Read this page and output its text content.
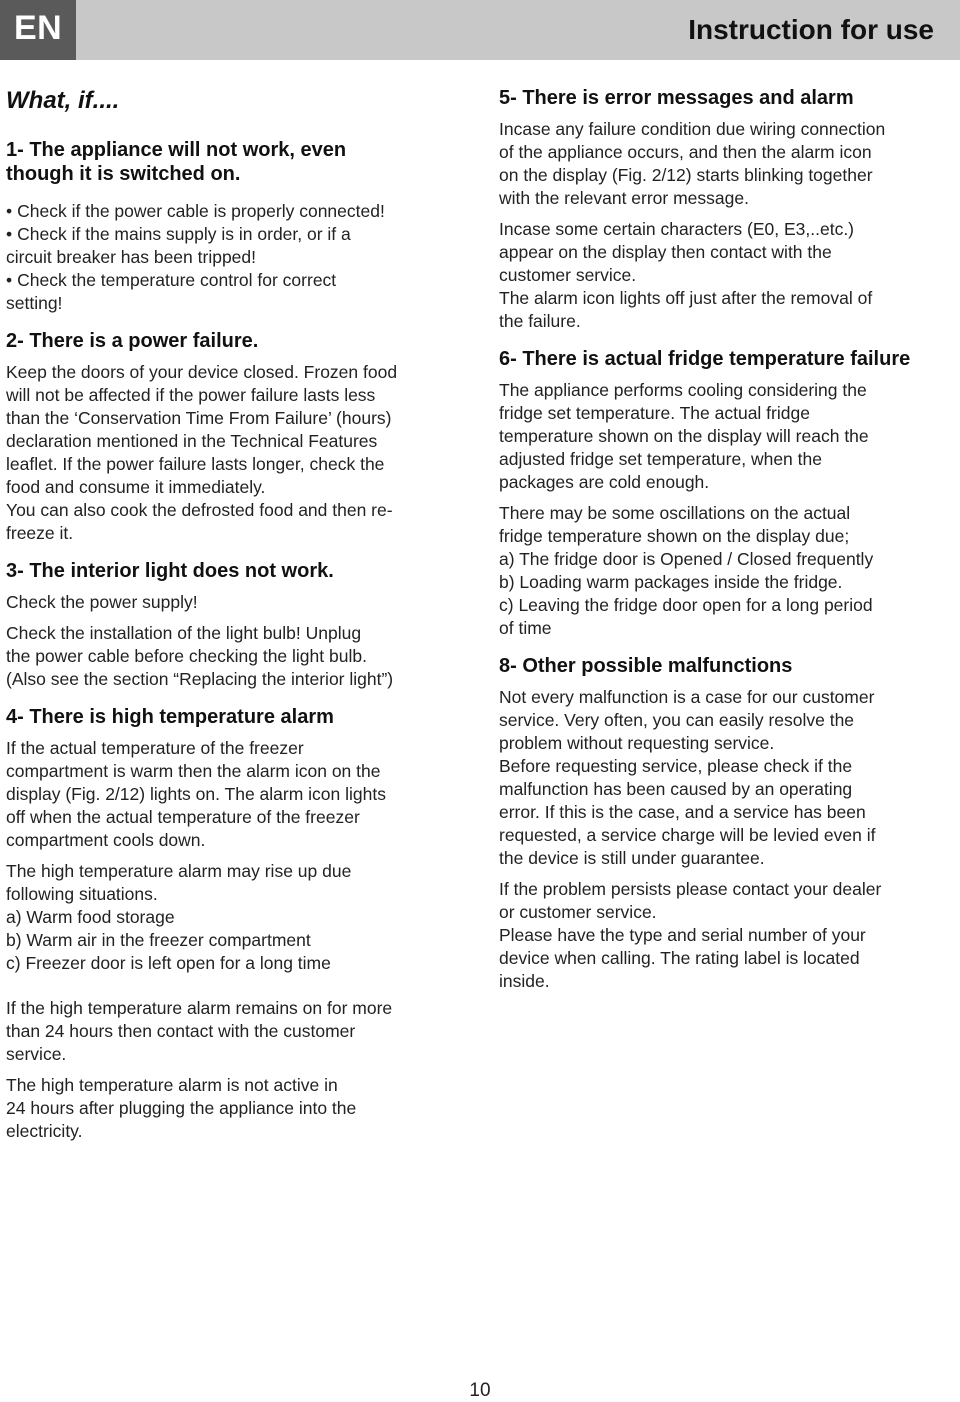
EN	Instruction for use
What, if....
1- The appliance will not work, even
though it is switched on.
• Check if the power cable is properly connected!
• Check if the mains supply is in order, or if a
circuit breaker has been tripped!
• Check the temperature control for correct
setting!
2- There is a power failure.

Keep the doors of your device closed. Frozen food
will not be affected if the power failure lasts less
than the ‘Conservation Time From Failure’ (hours)
declaration mentioned in the Technical Features
leaflet. If the power failure lasts longer, check the
food and consume it immediately.
You can also cook the defrosted food and then re-
freeze it.

3- The interior light does not work.

Check the power supply!

Check the installation of the light bulb! Unplug
the power cable before checking the light bulb.
(Also see the section “Replacing the interior light”)

4- There is high temperature alarm

If the actual temperature of the freezer
compartment is warm then the alarm icon on the
display (Fig. 2/12) lights on. The alarm icon lights
off when the actual temperature of the freezer
compartment cools down.

The high temperature alarm may rise up due
following situations.
a) Warm food storage
b) Warm air in the freezer compartment
c) Freezer door is left open for a long time

If the high temperature alarm remains on for more
than 24 hours then contact with the customer
service.

The high temperature alarm is not active in
24 hours after plugging the appliance into the
electricity.

5- There is error messages and alarm

Incase any failure condition due wiring connection
of the appliance occurs, and then the alarm icon
on the display (Fig. 2/12) starts blinking together
with the relevant error message.

Incase some certain characters (E0, E3,..etc.)
appear on the display then contact with the
customer service.
The alarm icon lights off just after the removal of
the failure.

6- There is actual fridge temperature failure

The appliance performs cooling considering the
fridge set temperature. The actual fridge
temperature shown on the display will reach the
adjusted fridge set temperature, when the
packages are cold enough.

There may be some oscillations on the actual
fridge temperature shown on the display due;
a) The fridge door is Opened / Closed frequently
b) Loading warm packages inside the fridge.
c) Leaving the fridge door open for a long period
of time

8- Other possible malfunctions

Not every malfunction is a case for our customer
service. Very often, you can easily resolve the
problem without requesting service.
Before requesting service, please check if the
malfunction has been caused by an operating
error. If this is the case, and a service has been
requested, a service charge will be levied even if
the device is still under guarantee.

If the problem persists please contact your dealer
or customer service.
Please have the type and serial number of your
device when calling. The rating label is located
inside.

10
